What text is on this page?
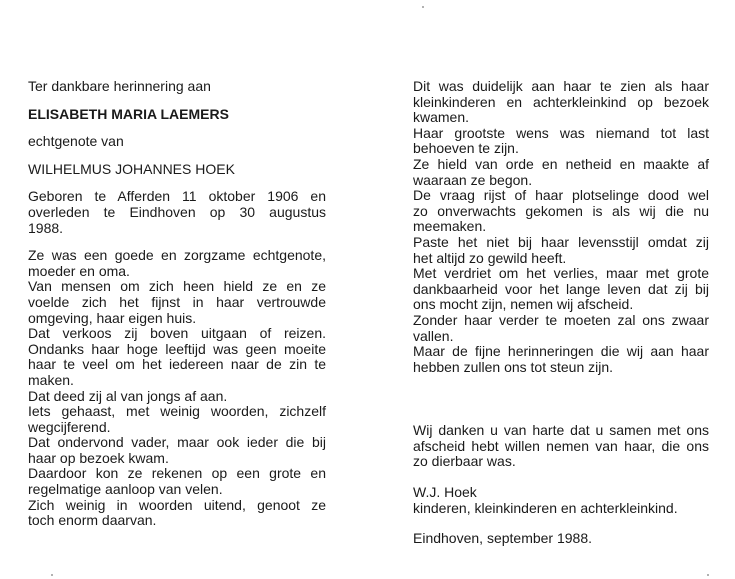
Ter dankbare herinnering aan
ELISABETH MARIA LAEMERS
echtgenote van
WILHELMUS JOHANNES HOEK
Geboren te Afferden 11 oktober 1906 en
overleden te Eindhoven op 30 augustus
1988.
Ze was een goede en zorgzame echtgenote,
moeder en oma.
Van mensen om zich heen hield ze en ze
voelde zich het fijnst in haar vertrouwde
omgeving, haar eigen huis.
Dat verkoos zij boven uitgaan of reizen.
Ondanks haar hoge leeftijd was geen moeite
haar te veel om het iedereen naar de zin te
maken.
Dat deed zij al van jongs af aan.
Iets gehaast, met weinig woorden, zichzelf
wegcijferend.
Dat ondervond vader, maar ook ieder die bij
haar op bezoek kwam.
Daardoor kon ze rekenen op een grote en
regelmatige aanloop van velen.
Zich weinig in woorden uitend, genoot ze
toch enorm daarvan.
Dit was duidelijk aan haar te zien als haar
kleinkinderen en achterkleinkind op bezoek
kwamen.
Haar grootste wens was niemand tot last
behoeven te zijn.
Ze hield van orde en netheid en maakte af
waaraan ze begon.
De vraag rijst of haar plotselinge dood wel
zo onverwachts gekomen is als wij die nu
meemaken.
Paste het niet bij haar levensstijl omdat zij
het altijd zo gewild heeft.
Met verdriet om het verlies, maar met grote
dankbaarheid voor het lange leven dat zij bij
ons mocht zijn, nemen wij afscheid.
Zonder haar verder te moeten zal ons zwaar
vallen.
Maar de fijne herinneringen die wij aan haar
hebben zullen ons tot steun zijn.
Wij danken u van harte dat u samen met ons
afscheid hebt willen nemen van haar, die ons
zo dierbaar was.
W.J. Hoek
kinderen, kleinkinderen en achterkleinkind.
Eindhoven, september 1988.
